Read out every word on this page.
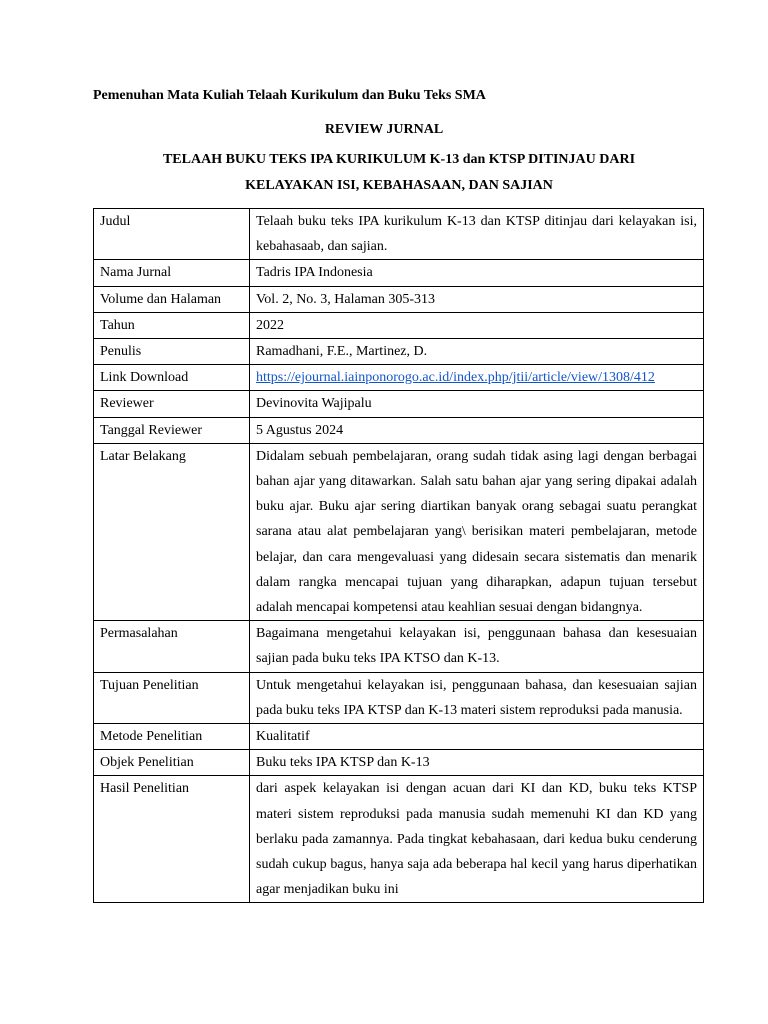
Pemenuhan Mata Kuliah Telaah Kurikulum dan Buku Teks SMA
REVIEW JURNAL
TELAAH BUKU TEKS IPA KURIKULUM K-13 dan KTSP DITINJAU DARI
KELAYAKAN ISI, KEBAHASAAN, DAN SAJIAN
Judul	Telaah buku teks IPA kurikulum K-13 dan KTSP ditinjau dari kelayakan isi, kebahasaab, dan sajian.
Nama Jurnal	Tadris IPA Indonesia
Volume dan Halaman	Vol. 2, No. 3, Halaman 305-313
Tahun	2022
Penulis	Ramadhani, F.E., Martinez, D.
Link Download	https://ejournal.iainponorogo.ac.id/index.php/jtii/article/view/1308/412
Reviewer	Devinovita Wajipalu
Tanggal Reviewer	5 Agustus 2024
Latar Belakang	Didalam sebuah pembelajaran, orang sudah tidak asing lagi dengan berbagai bahan ajar yang ditawarkan. Salah satu bahan ajar yang sering dipakai adalah buku ajar. Buku ajar sering diartikan banyak orang sebagai suatu perangkat sarana atau alat pembelajaran yang\ berisikan materi pembelajaran, metode belajar, dan cara mengevaluasi yang didesain secara sistematis dan menarik dalam rangka mencapai tujuan yang diharapkan, adapun tujuan tersebut adalah mencapai kompetensi atau keahlian sesuai dengan bidangnya.
Permasalahan	Bagaimana mengetahui kelayakan isi, penggunaan bahasa dan kesesuaian sajian pada buku teks IPA KTSO dan K-13.
Tujuan Penelitian	Untuk mengetahui kelayakan isi, penggunaan bahasa, dan kesesuaian sajian pada buku teks IPA KTSP dan K-13 materi sistem reproduksi pada manusia.
Metode Penelitian	Kualitatif
Objek Penelitian	Buku teks IPA KTSP dan K-13
Hasil Penelitian	dari aspek kelayakan isi dengan acuan dari KI dan KD, buku teks KTSP materi sistem reproduksi pada manusia sudah memenuhi KI dan KD yang berlaku pada zamannya. Pada tingkat kebahasaan, dari kedua buku cenderung sudah cukup bagus, hanya saja ada beberapa hal kecil yang harus diperhatikan agar menjadikan buku ini
